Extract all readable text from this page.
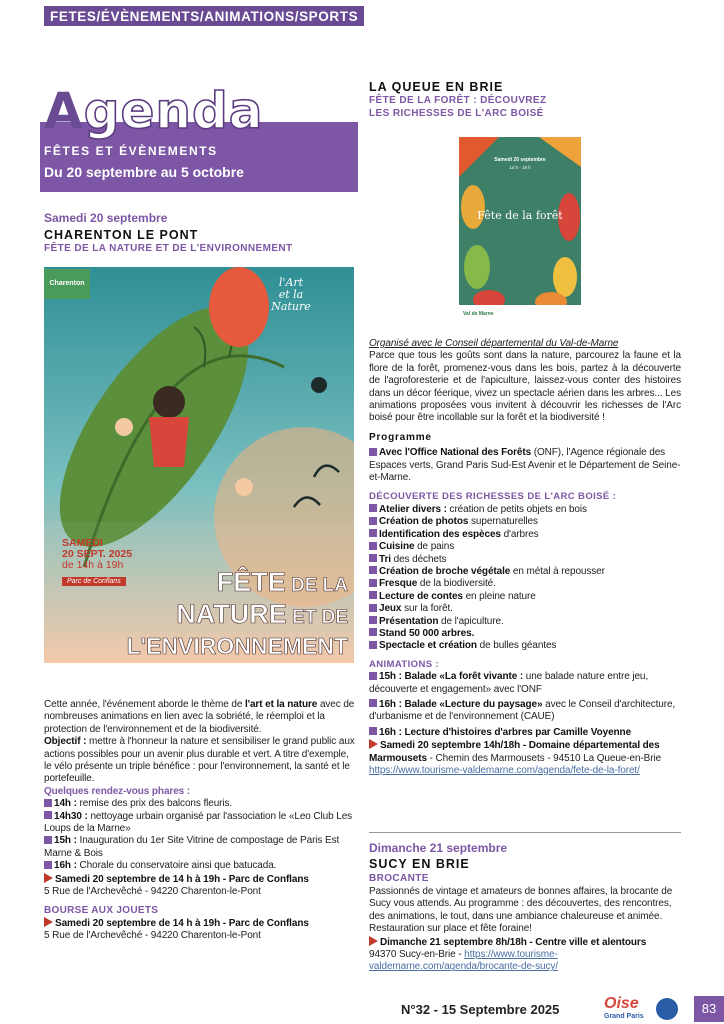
FETES/ÉVÈNEMENTS/ANIMATIONS/SPORTS
Agenda
FÊTES ET ÉVÈNEMENTS
Du 20 septembre au 5 octobre
Samedi 20 septembre
CHARENTON LE PONT
FÊTE DE LA NATURE ET DE L'ENVIRONNEMENT
Charenton	l'Art
et la
Nature
SAMEDI
20 SEPT. 2025
de 14h à 19h
Parc de Conflans	FÊTE DE LA
NATURE ET DE
L'ENVIRONNEMENT

Cette année, l'événement aborde le thème de l'art et la nature avec de nombreuses animations en lien avec la sobriété, le réemploi et la protection de l'environnement et de la biodiversité.

Objectif : mettre à l'honneur la nature et sensibiliser le grand public aux actions possibles pour un avenir plus durable et vert. A titre d'exemple, le vélo présente un triple bénéfice : pour l'environnement, la santé et le portefeuille.

Quelques rendez-vous phares :

14h : remise des prix des balcons fleuris.

14h30 : nettoyage urbain organisé par l'association le «Leo Club Les Loups de la Marne»

15h : Inauguration du 1er Site Vitrine de compostage de Paris Est Marne & Bois

16h : Chorale du conservatoire ainsi que batucada.

Samedi 20 septembre de 14 h à 19h - Parc de Conflans

5 Rue de l'Archevêché - 94220 Charenton-le-Pont

BOURSE AUX JOUETS

Samedi 20 septembre de 14 h à 19h - Parc de Conflans

5 Rue de l'Archevêché - 94220 Charenton-le-Pont

LA QUEUE EN BRIE
FÊTE DE LA FORÊT : DÉCOUVREZ
LES RICHESSES DE L'ARC BOISÉ
Samedi 20 septembre
14 h - 18 h
Fête de la forêt
Val de Marne

Organisé avec le Conseil départemental du Val-de-Marne

Parce que tous les goûts sont dans la nature, parcourez la faune et la flore de la forêt, promenez-vous dans les bois, partez à la découverte de l'agroforesterie et de l'apiculture, laissez-vous conter des histoires dans un décor féerique, vivez un spectacle aérien dans les arbres... Les animations proposées vous invitent à découvrir les richesses de l'Arc boisé pour être incollable sur la forêt et la biodiversité !

Programme

Avec l'Office National des Forêts (ONF), l'Agence régionale des Espaces verts, Grand Paris Sud-Est Avenir et le Département de Seine-et-Marne.

DÉCOUVERTE DES RICHESSES DE L'ARC BOISÉ :

Atelier divers : création de petits objets en bois

Création de photos supernaturelles

Identification des espèces d'arbres

Cuisine de pains

Tri des déchets

Création de broche végétale en métal à repousser

Fresque de la biodiversité.

Lecture de contes en pleine nature

Jeux sur la forêt.

Présentation de l'apiculture.

Stand 50 000 arbres.

Spectacle et création de bulles géantes

ANIMATIONS :

15h : Balade «La forêt vivante : une balade nature entre jeu, découverte et engagement» avec l'ONF

16h : Balade «Lecture du paysage» avec le Conseil d'architecture, d'urbanisme et de l'environnement (CAUE)

16h : Lecture d'histoires d'arbres par Camille Voyenne

Samedi 20 septembre 14h/18h - Domaine départemental des Marmousets - Chemin des Marmousets - 94510 La Queue-en-Brie

https://www.tourisme-valdemarne.com/agenda/fete-de-la-foret/

Dimanche 21 septembre
SUCY EN BRIE
BROCANTE

Passionnés de vintage et amateurs de bonnes affaires, la brocante de Sucy vous attends. Au programme : des découvertes, des rencontres, des animations, le tout, dans une ambiance chaleureuse et animée. Restauration sur place et fête foraine!

Dimanche 21 septembre 8h/18h - Centre ville et alentours

94370 Sucy-en-Brie - https://www.tourisme-valdemarne.com/agenda/brocante-de-sucy/

N°32 - 15 Septembre 2025	Oise
Grand Paris
83
